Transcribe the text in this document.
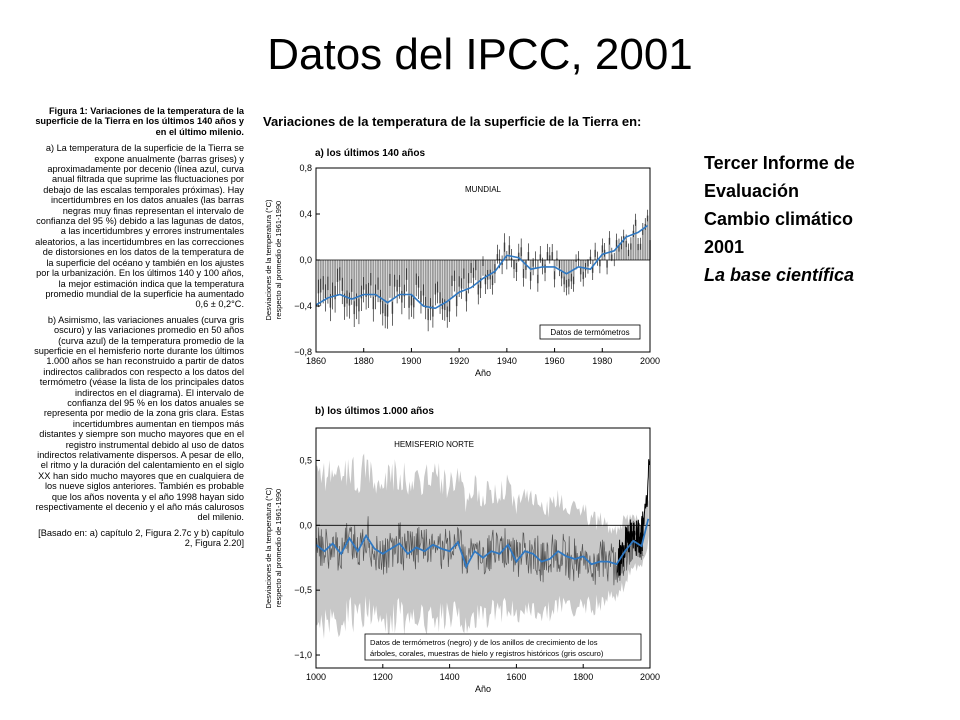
Datos del IPCC, 2001

Figura 1: Variaciones de la temperatura de la superficie de la Tierra en los últimos 140 años y en el último milenio.

a) La temperatura de la superficie de la Tierra se expone anualmente (barras grises) y aproximadamente por decenio (línea azul, curva anual filtrada que suprime las fluctuaciones por debajo de las escalas temporales próximas). Hay incertidumbres en los datos anuales (las barras negras muy finas representan el intervalo de confianza del 95 %) debido a las lagunas de datos, a las incertidumbres y errores instrumentales aleatorios, a las incertidumbres en las correcciones de distorsiones en los datos de la temperatura de la superficie del océano y también en los ajustes por la urbanización. En los últimos 140 y 100 años, la mejor estimación indica que la temperatura promedio mundial de la superficie ha aumentado 0,6 ± 0,2°C.

b) Asimismo, las variaciones anuales (curva gris oscuro) y las variaciones promedio en 50 años (curva azul) de la temperatura promedio de la superficie en el hemisferio norte durante los últimos 1.000 años se han reconstruido a partir de datos indirectos calibrados con respecto a los datos del termómetro (véase la lista de los principales datos indirectos en el diagrama). El intervalo de confianza del 95 % en los datos anuales se representa por medio de la zona gris clara. Estas incertidumbres aumentan en tiempos más distantes y siempre son mucho mayores que en el registro instrumental debido al uso de datos indirectos relativamente dispersos. A pesar de ello, el ritmo y la duración del calentamiento en el siglo XX han sido mucho mayores que en cualquiera de los nueve siglos anteriores. También es probable que los años noventa y el año 1998 hayan sido respectivamente el decenio y el año más calurosos del milenio.

[Basado en: a) capítulo 2, Figura 2.7c y b) capítulo 2, Figura 2.20]

Variaciones de la temperatura de la superficie de la Tierra en:
Tercer Informe de
Evaluación
Cambio climático
2001
La base científica
a) los últimos 140 años
1860	1880	1900	1920	1940	1960	1980	2000
−0,8
−0,4
0,0
0,4
0,8
Año
Desviaciones de la temperatura (°C) respecto al promedio de 1961-1990
MUNDIAL
Datos de termómetros
b) los últimos 1.000 años
1000	1200	1400	1600	1800	2000
−1,0
−0,5
0,0
0,5
Año
Desviaciones de la temperatura (°C) respecto al promedio de 1961-1990
HEMISFERIO NORTE
Datos de termómetros (negro) y de los anillos de crecimiento de los
árboles, corales, muestras de hielo y registros históricos (gris oscuro)
